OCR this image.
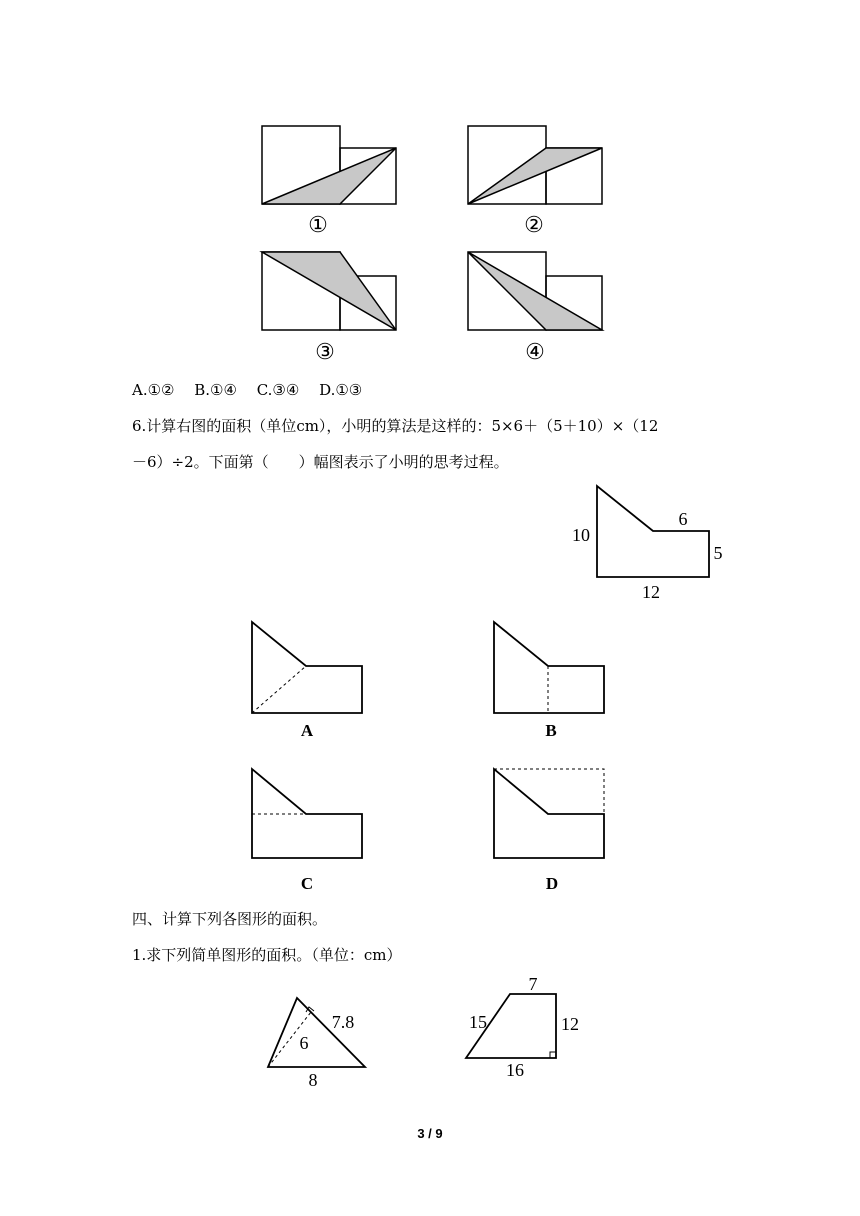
①	②
③	④
A.①②　 B.①④　 C.③④　 D.①③
6.计算右图的面积（单位cm），小明的算法是这样的：5×6＋（5＋10）×（12
－6）÷2。下面第（　　）幅图表示了小明的思考过程。
10
6
5
12
A	B
C	D
四、计算下列各图形的面积。
1.求下列简单图形的面积。（单位：cm）
7.8
6
8
7
15	12
16
3 / 9
